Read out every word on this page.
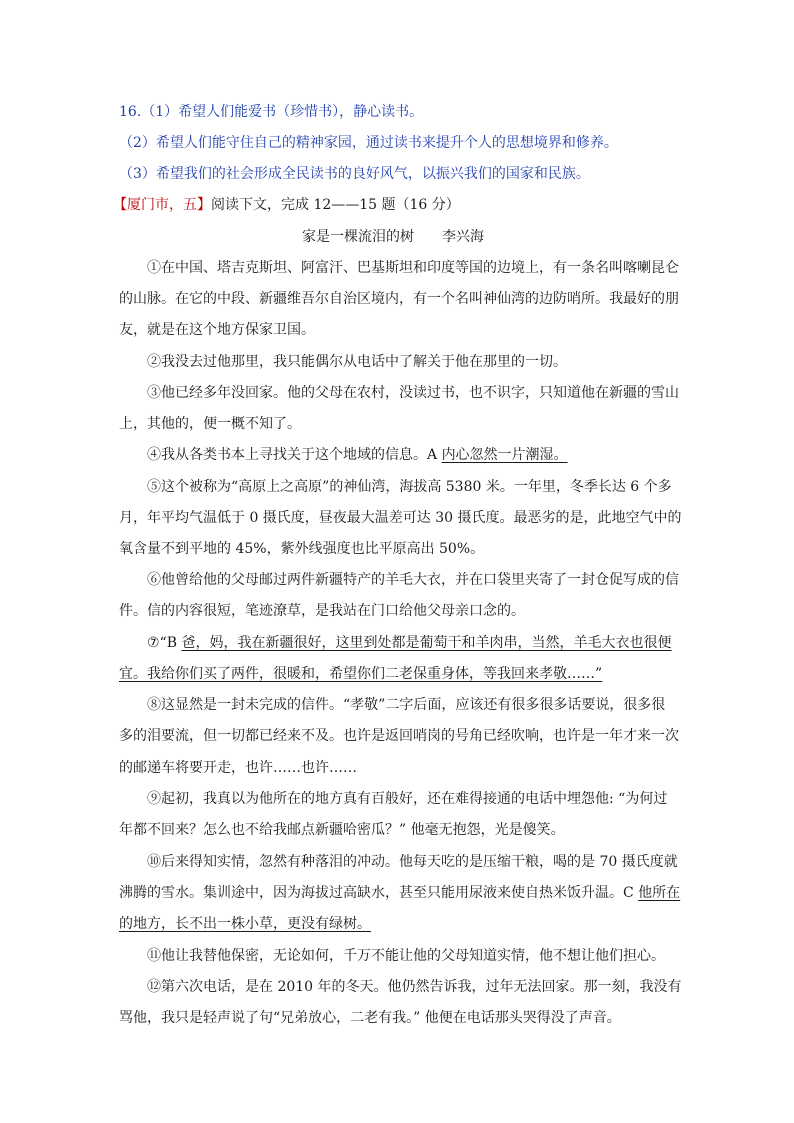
16.（1）希望人们能爱书（珍惜书），静心读书。
（2）希望人们能守住自己的精神家园，通过读书来提升个人的思想境界和修养。
（3）希望我们的社会形成全民读书的良好风气，以振兴我们的国家和民族。
【厦门市，五】阅读下文，完成 12——15 题（16 分）
家是一棵流泪的树 李兴海
①在中国、塔吉克斯坦、阿富汗、巴基斯坦和印度等国的边境上，有一条名叫喀喇昆仑
的山脉。在它的中段、新疆维吾尔自治区境内，有一个名叫神仙湾的边防哨所。我最好的朋
友，就是在这个地方保家卫国。
②我没去过他那里，我只能偶尔从电话中了解关于他在那里的一切。
③他已经多年没回家。他的父母在农村，没读过书，也不识字，只知道他在新疆的雪山
上，其他的，便一概不知了。
④我从各类书本上寻找关于这个地域的信息。A 内心忽然一片潮湿。
⑤这个被称为“高原上之高原”的神仙湾，海拔高 5380 米。一年里，冬季长达 6 个多
月，年平均气温低于 0 摄氏度，昼夜最大温差可达 30 摄氏度。最恶劣的是，此地空气中的
氧含量不到平地的 45%，紫外线强度也比平原高出 50%。
⑥他曾给他的父母邮过两件新疆特产的羊毛大衣，并在口袋里夹寄了一封仓促写成的信
件。信的内容很短，笔迹潦草，是我站在门口给他父母亲口念的。
⑦“B 爸，妈，我在新疆很好，这里到处都是葡萄干和羊肉串，当然，羊毛大衣也很便
宜。我给你们买了两件，很暖和，希望你们二老保重身体，等我回来孝敬……”
⑧这显然是一封未完成的信件。“孝敬”二字后面，应该还有很多很多话要说，很多很
多的泪要流，但一切都已经来不及。也许是返回哨岗的号角已经吹响，也许是一年才来一次
的邮递车将要开走，也许……也许……
⑨起初，我真以为他所在的地方真有百般好，还在难得接通的电话中埋怨他: “为何过
年都不回来？怎么也不给我邮点新疆哈密瓜？” 他毫无抱怨，光是傻笑。
⑩后来得知实情，忽然有种落泪的冲动。他每天吃的是压缩干粮，喝的是 70 摄氏度就
沸腾的雪水。集训途中，因为海拔过高缺水，甚至只能用尿液来使自热米饭升温。C 他所在
的地方，长不出一株小草，更没有绿树。
⑪他让我替他保密，无论如何，千万不能让他的父母知道实情，他不想让他们担心。
⑫第六次电话，是在 2010 年的冬天。他仍然告诉我，过年无法回家。那一刻，我没有
骂他，我只是轻声说了句“兄弟放心，二老有我。” 他便在电话那头哭得没了声音。
